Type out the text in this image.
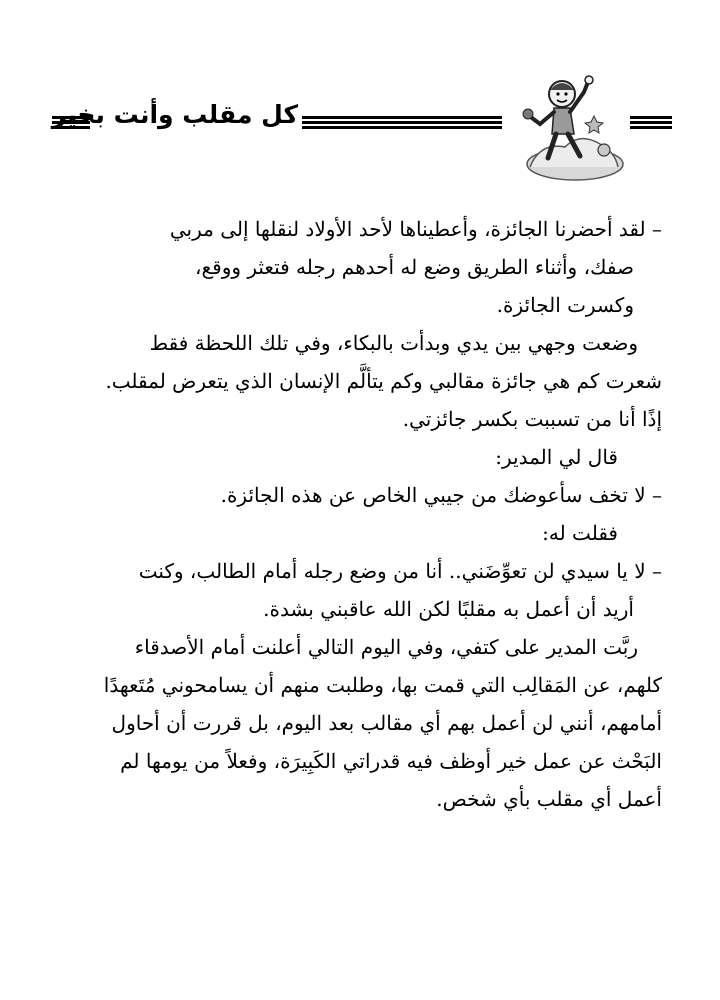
كل مقلب وأنت بخير

– لقد أحضرنا الجائزة، وأعطيناها لأحد الأولاد لنقلها إلى مربي

صفك، وأثناء الطريق وضع له أحدهم رجله فتعثر ووقع،

وكسرت الجائزة.

وضعت وجهي بين يدي وبدأت بالبكاء، وفي تلك اللحظة فقط

شعرت كم هي جائزة مقالبي وكم يتألَّم الإنسان الذي يتعرض لمقلب.

إذًا أنا من تسببت بكسر جائزتي.

قال لي المدير:

– لا تخف سأعوضك من جيبي الخاص عن هذه الجائزة.

فقلت له:

– لا يا سيدي لن تعوِّضَني.. أنا من وضع رجله أمام الطالب، وكنت

أريد أن أعمل به مقلبًا لكن الله عاقبني بشدة.

ربَّت المدير على كتفي، وفي اليوم التالي أعلنت أمام الأصدقاء

كلهم، عن المَقالِب التي قمت بها، وطلبت منهم أن يسامحوني مُتَعهدًا

أمامهم، أنني لن أعمل بهم أي مقالب بعد اليوم، بل قررت أن أحاول

البَحْث عن عمل خير أوظف فيه قدراتي الكَبِيرَة، وفعلاً من يومها لم

أعمل أي مقلب بأي شخص.
